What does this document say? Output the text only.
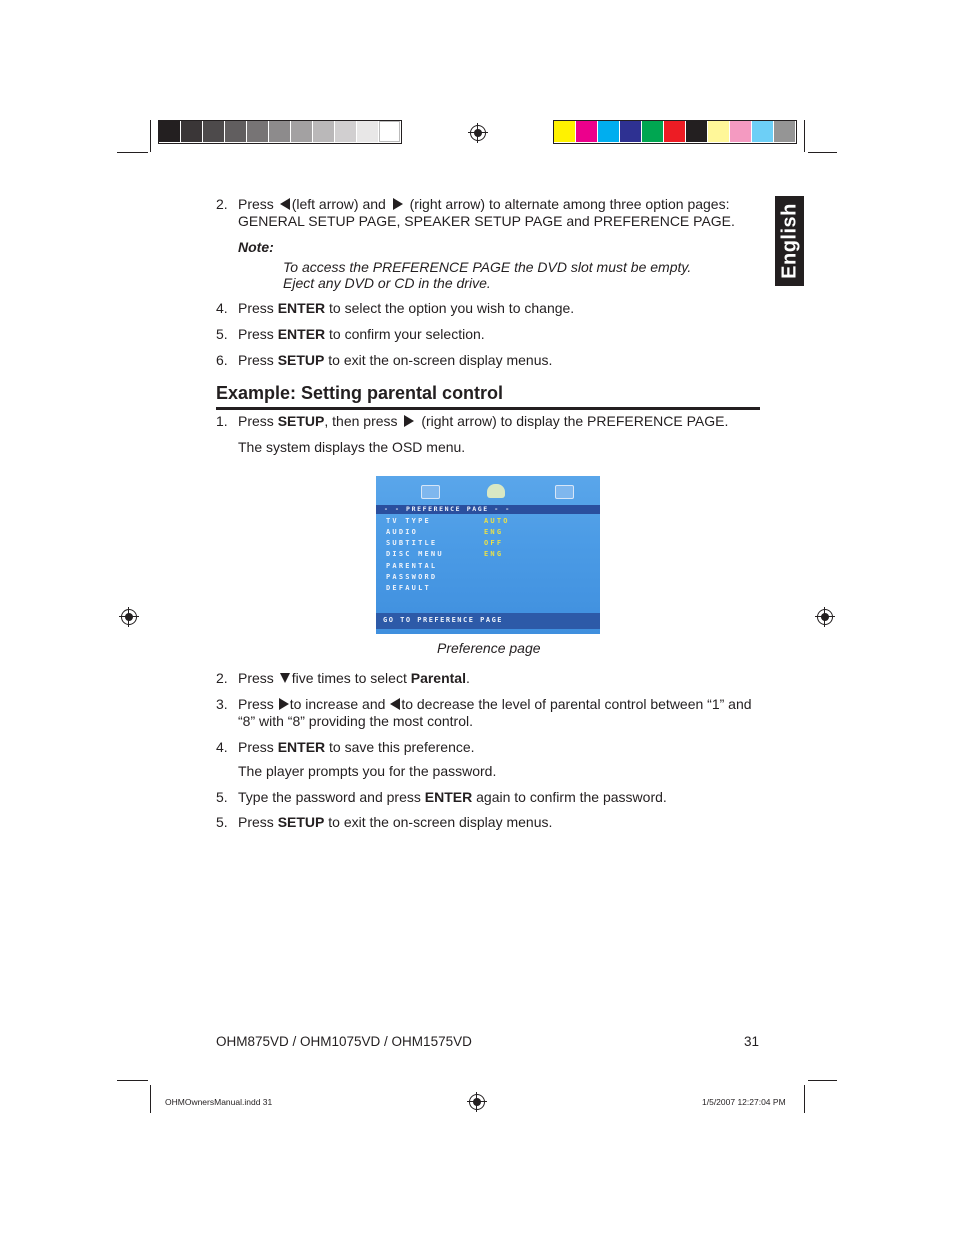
English
2. Press (left arrow) and (right arrow) to alternate among three option pages:
GENERAL SETUP PAGE, SPEAKER SETUP PAGE and PREFERENCE PAGE.
Note:
To access the PREFERENCE PAGE the DVD slot must be empty.
Eject any DVD or CD in the drive.
4. Press ENTER to select the option you wish to change.
5. Press ENTER to confirm your selection.
6. Press SETUP to exit the on-screen display menus.
Example: Setting parental control
1. Press SETUP, then press (right arrow) to display the PREFERENCE PAGE.
The system displays the OSD menu.
- - PREFERENCE PAGE - -
TV TYPE
AUDIO
SUBTITLE
DISC MENU
PARENTAL
PASSWORD
DEFAULT
AUTO
ENG
OFF
ENG
GO TO PREFERENCE PAGE
Preference page
2. Press five times to select Parental.
3. Press to increase and to decrease the level of parental control between “1” and
“8” with “8” providing the most control.
4. Press ENTER to save this preference.
The player prompts you for the password.
5. Type the password and press ENTER again to confirm the password.
5. Press SETUP to exit the on-screen display menus.
OHM875VD / OHM1075VD / OHM1575VD	31
OHMOwnersManual.indd 31	1/5/2007 12:27:04 PM
